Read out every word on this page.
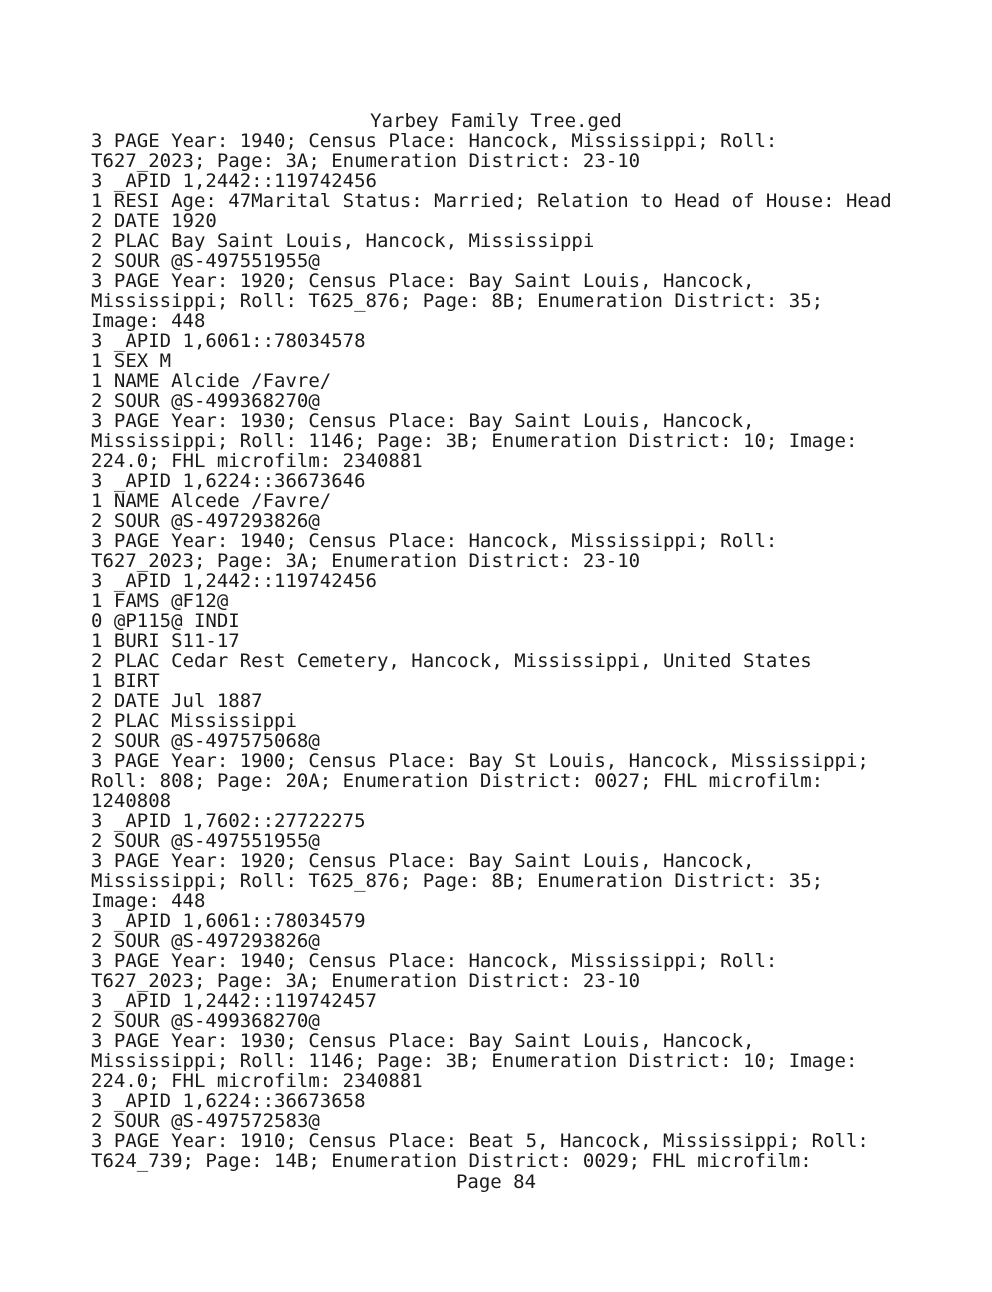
Yarbey Family Tree.ged
3 PAGE Year: 1940; Census Place: Hancock, Mississippi; Roll:
T627_2023; Page: 3A; Enumeration District: 23-10
3 _APID 1,2442::119742456
1 RESI Age: 47Marital Status: Married; Relation to Head of House: Head
2 DATE 1920
2 PLAC Bay Saint Louis, Hancock, Mississippi
2 SOUR @S-497551955@
3 PAGE Year: 1920; Census Place: Bay Saint Louis, Hancock,
Mississippi; Roll: T625_876; Page: 8B; Enumeration District: 35;
Image: 448
3 _APID 1,6061::78034578
1 SEX M
1 NAME Alcide /Favre/
2 SOUR @S-499368270@
3 PAGE Year: 1930; Census Place: Bay Saint Louis, Hancock,
Mississippi; Roll: 1146; Page: 3B; Enumeration District: 10; Image:
224.0; FHL microfilm: 2340881
3 _APID 1,6224::36673646
1 NAME Alcede /Favre/
2 SOUR @S-497293826@
3 PAGE Year: 1940; Census Place: Hancock, Mississippi; Roll:
T627_2023; Page: 3A; Enumeration District: 23-10
3 _APID 1,2442::119742456
1 FAMS @F12@
0 @P115@ INDI
1 BURI S11-17
2 PLAC Cedar Rest Cemetery, Hancock, Mississippi, United States
1 BIRT
2 DATE Jul 1887
2 PLAC Mississippi
2 SOUR @S-497575068@
3 PAGE Year: 1900; Census Place: Bay St Louis, Hancock, Mississippi;
Roll: 808; Page: 20A; Enumeration District: 0027; FHL microfilm:
1240808
3 _APID 1,7602::27722275
2 SOUR @S-497551955@
3 PAGE Year: 1920; Census Place: Bay Saint Louis, Hancock,
Mississippi; Roll: T625_876; Page: 8B; Enumeration District: 35;
Image: 448
3 _APID 1,6061::78034579
2 SOUR @S-497293826@
3 PAGE Year: 1940; Census Place: Hancock, Mississippi; Roll:
T627_2023; Page: 3A; Enumeration District: 23-10
3 _APID 1,2442::119742457
2 SOUR @S-499368270@
3 PAGE Year: 1930; Census Place: Bay Saint Louis, Hancock,
Mississippi; Roll: 1146; Page: 3B; Enumeration District: 10; Image:
224.0; FHL microfilm: 2340881
3 _APID 1,6224::36673658
2 SOUR @S-497572583@
3 PAGE Year: 1910; Census Place: Beat 5, Hancock, Mississippi; Roll:
T624_739; Page: 14B; Enumeration District: 0029; FHL microfilm:
Page 84
